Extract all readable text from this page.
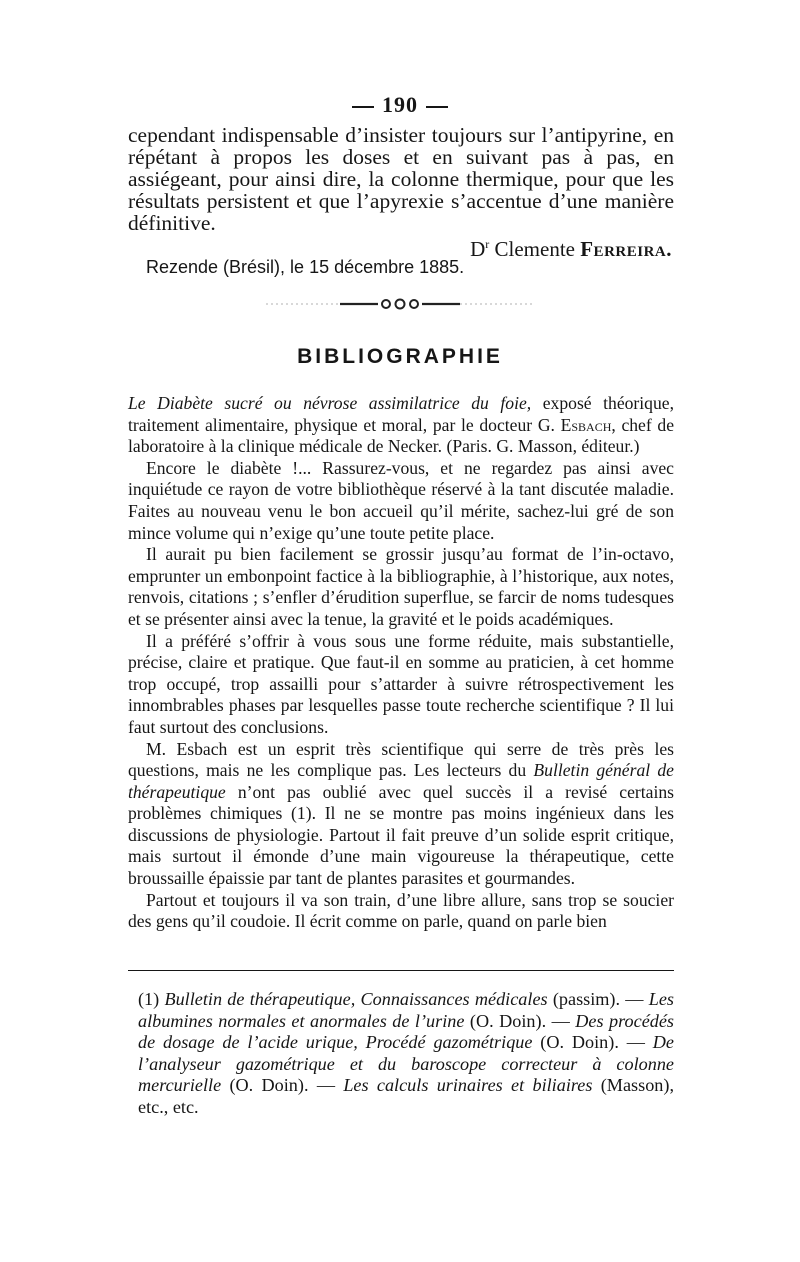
190

cependant indispensable d’insister toujours sur l’antipyrine, en répétant à propos les doses et en suivant pas à pas, en assiégeant, pour ainsi dire, la colonne thermique, pour que les résultats persistent et que l’apyrexie s’accentue d’une manière définitive.

$D^r$ Clemente Ferreira.
Rezende (Brésil), le 15 décembre 1885.
BIBLIOGRAPHIE

Le Diabète sucré ou névrose assimilatrice du foie, exposé théorique, traitement alimentaire, physique et moral, par le docteur G. Esbach, chef de laboratoire à la clinique médicale de Necker. (Paris. G. Masson, éditeur.)

Encore le diabète !... Rassurez-vous, et ne regardez pas ainsi avec inquiétude ce rayon de votre bibliothèque réservé à la tant discutée maladie. Faites au nouveau venu le bon accueil qu’il mérite, sachez-lui gré de son mince volume qui n’exige qu’une toute petite place.

Il aurait pu bien facilement se grossir jusqu’au format de l’in-octavo, emprunter un embonpoint factice à la bibliographie, à l’historique, aux notes, renvois, citations ; s’enfler d’érudition superflue, se farcir de noms tudesques et se présenter ainsi avec la tenue, la gravité et le poids académiques.

Il a préféré s’offrir à vous sous une forme réduite, mais substantielle, précise, claire et pratique. Que faut-il en somme au praticien, à cet homme trop occupé, trop assailli pour s’attarder à suivre rétrospectivement les innombrables phases par lesquelles passe toute recherche scientifique ? Il lui faut surtout des conclusions.

M. Esbach est un esprit très scientifique qui serre de très près les questions, mais ne les complique pas. Les lecteurs du Bulletin général de thérapeutique n’ont pas oublié avec quel succès il a revisé certains problèmes chimiques (1). Il ne se montre pas moins ingénieux dans les discussions de physiologie. Partout il fait preuve d’un solide esprit critique, mais surtout il émonde d’une main vigoureuse la thérapeutique, cette broussaille épaissie par tant de plantes parasites et gourmandes.

Partout et toujours il va son train, d’une libre allure, sans trop se soucier des gens qu’il coudoie. Il écrit comme on parle, quand on parle bien

(1) Bulletin de thérapeutique, Connaissances médicales (passim). — Les albumines normales et anormales de l’urine (O. Doin). — Des procédés de dosage de l’acide urique, Procédé gazométrique (O. Doin). — De l’analyseur gazométrique et du baroscope correcteur à colonne mercurielle (O. Doin). — Les calculs urinaires et biliaires (Masson), etc., etc.
